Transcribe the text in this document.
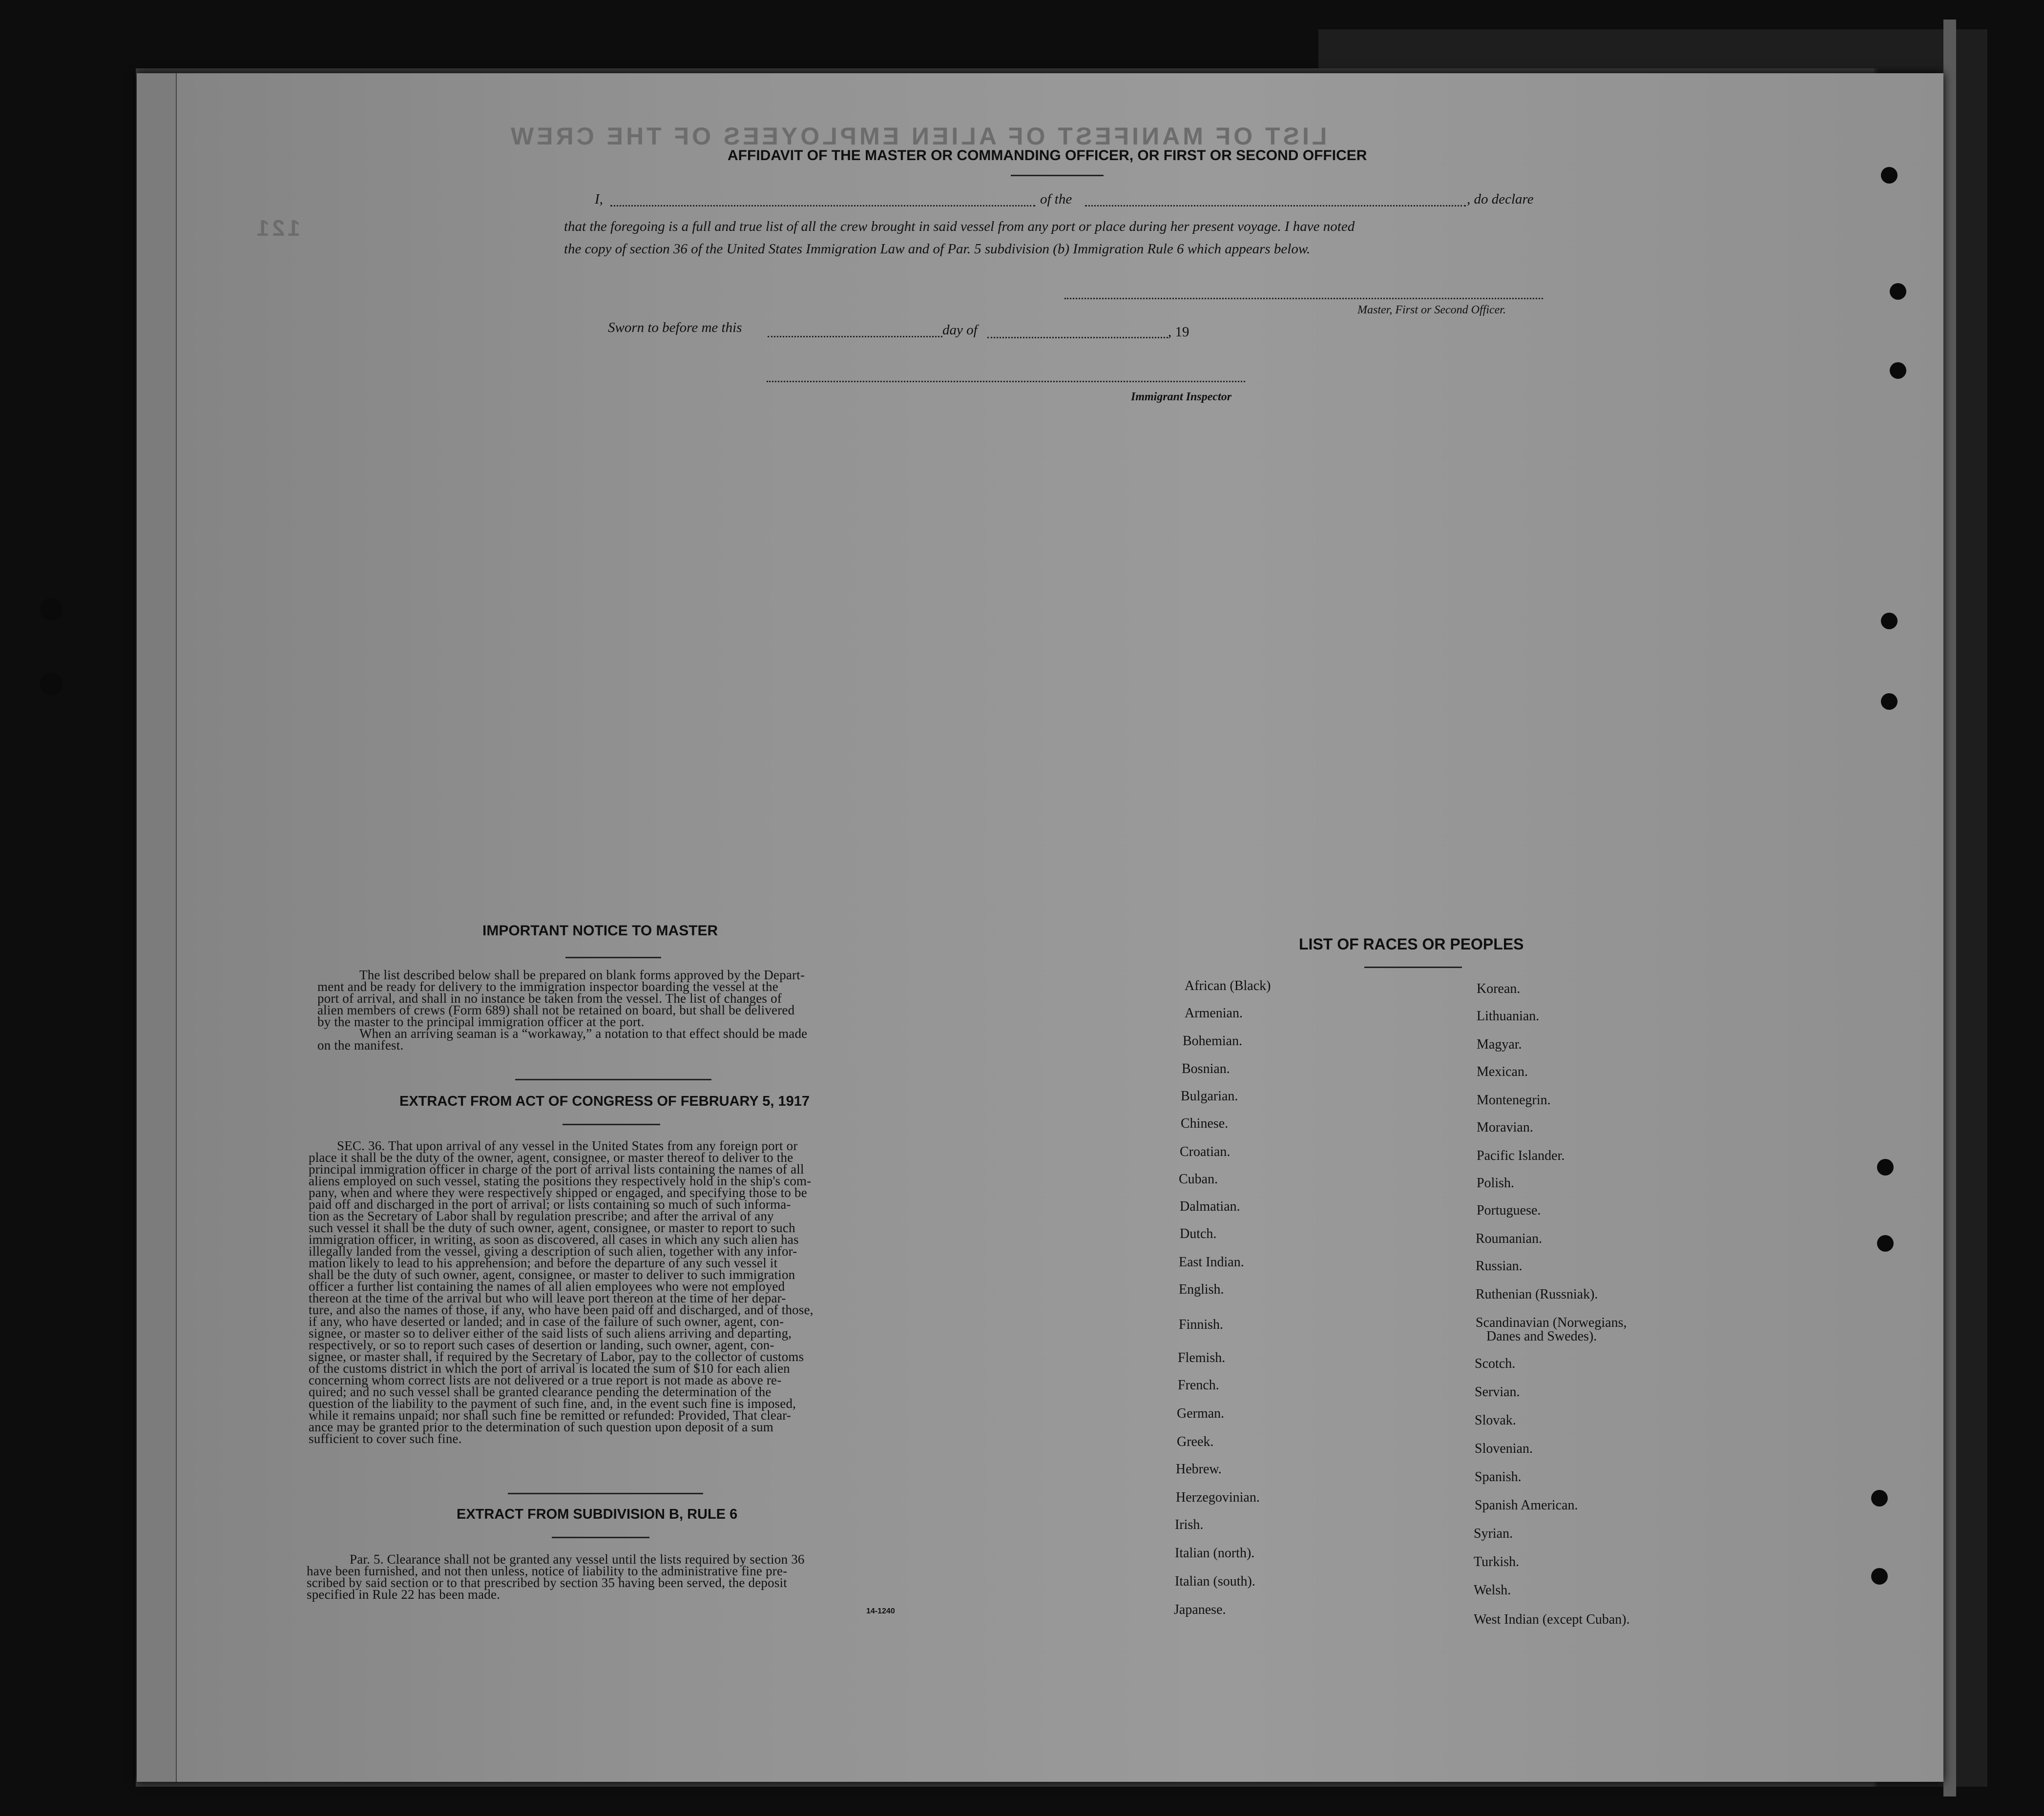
LIST OF MANIFEST OF ALIEN EMPLOYEES OF THE CREW
121
AFFIDAVIT OF THE MASTER OR COMMANDING OFFICER, OR FIRST OR SECOND OFFICER
I,	of the	, do declare
that the foregoing is a full and true list of all the crew brought in said vessel from any port or place during her present voyage. I have noted
the copy of section 36 of the United States Immigration Law and of Par. 5 subdivision (b) Immigration Rule 6 which appears below.
Master, First or Second Officer.
Sworn to before me this	day of	, 19
Immigrant Inspector
IMPORTANT NOTICE TO MASTER
The list described below shall be prepared on blank forms approved by the Depart-
ment and be ready for delivery to the immigration inspector boarding the vessel at the
port of arrival, and shall in no instance be taken from the vessel. The list of changes of
alien members of crews (Form 689) shall not be retained on board, but shall be delivered
by the master to the principal immigration officer at the port.
When an arriving seaman is a “workaway,” a notation to that effect should be made
on the manifest.
EXTRACT FROM ACT OF CONGRESS OF FEBRUARY 5, 1917
SEC. 36. That upon arrival of any vessel in the United States from any foreign port or
place it shall be the duty of the owner, agent, consignee, or master thereof to deliver to the
principal immigration officer in charge of the port of arrival lists containing the names of all
aliens employed on such vessel, stating the positions they respectively hold in the ship's com-
pany, when and where they were respectively shipped or engaged, and specifying those to be
paid off and discharged in the port of arrival; or lists containing so much of such informa-
tion as the Secretary of Labor shall by regulation prescribe; and after the arrival of any
such vessel it shall be the duty of such owner, agent, consignee, or master to report to such
immigration officer, in writing, as soon as discovered, all cases in which any such alien has
illegally landed from the vessel, giving a description of such alien, together with any infor-
mation likely to lead to his apprehension; and before the departure of any such vessel it
shall be the duty of such owner, agent, consignee, or master to deliver to such immigration
officer a further list containing the names of all alien employees who were not employed
thereon at the time of the arrival but who will leave port thereon at the time of her depar-
ture, and also the names of those, if any, who have been paid off and discharged, and of those,
if any, who have deserted or landed; and in case of the failure of such owner, agent, con-
signee, or master so to deliver either of the said lists of such aliens arriving and departing,
respectively, or so to report such cases of desertion or landing, such owner, agent, con-
signee, or master shall, if required by the Secretary of Labor, pay to the collector of customs
of the customs district in which the port of arrival is located the sum of $10 for each alien
concerning whom correct lists are not delivered or a true report is not made as above re-
quired; and no such vessel shall be granted clearance pending the determination of the
question of the liability to the payment of such fine, and, in the event such fine is imposed,
while it remains unpaid; nor shall such fine be remitted or refunded: Provided, That clear-
ance may be granted prior to the determination of such question upon deposit of a sum
sufficient to cover such fine.
EXTRACT FROM SUBDIVISION B, RULE 6
Par. 5. Clearance shall not be granted any vessel until the lists required by section 36
have been furnished, and not then unless, notice of liability to the administrative fine pre-
scribed by said section or to that prescribed by section 35 having been served, the deposit
specified in Rule 22 has been made.
14-1240
LIST OF RACES OR PEOPLES
African (Black)
Armenian.
Bohemian.
Bosnian.
Bulgarian.
Chinese.
Croatian.
Cuban.
Dalmatian.
Dutch.
East Indian.
English.
Finnish.
Flemish.
French.
German.
Greek.
Hebrew.
Herzegovinian.
Irish.
Italian (north).
Italian (south).
Japanese.
Korean.
Lithuanian.
Magyar.
Mexican.
Montenegrin.
Moravian.
Pacific Islander.
Polish.
Portuguese.
Roumanian.
Russian.
Ruthenian (Russniak).
Scandinavian (Norwegians,
Danes and Swedes).
Scotch.
Servian.
Slovak.
Slovenian.
Spanish.
Spanish American.
Syrian.
Turkish.
Welsh.
West Indian (except Cuban).
